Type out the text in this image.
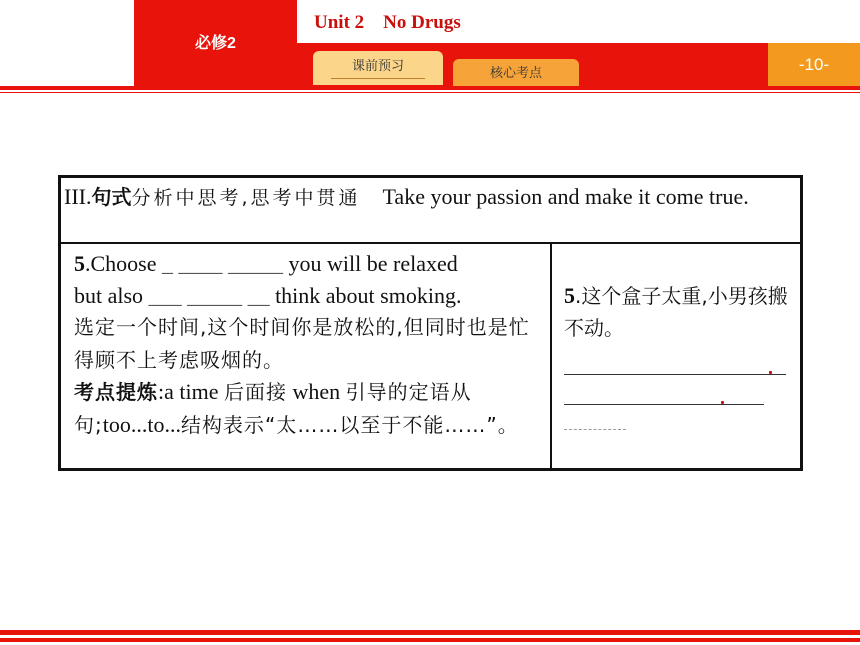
必修2
Unit 2    No Drugs
课前预习	核心考点	-10-
III.句式分析中思考,思考中贯通 Take your passion and make it come true.
5.Choose _ ____ _____ you will be relaxed
but also ___ _____ __ think about smoking.
选定一个时间,这个时间你是放松的,但同时也是忙得顾不上考虑吸烟的。
考点提炼:a time 后面接 when 引导的定语从句;too...to...结构表示“太……以至于不能……”。
5.这个盒子太重,小男孩搬不动。
